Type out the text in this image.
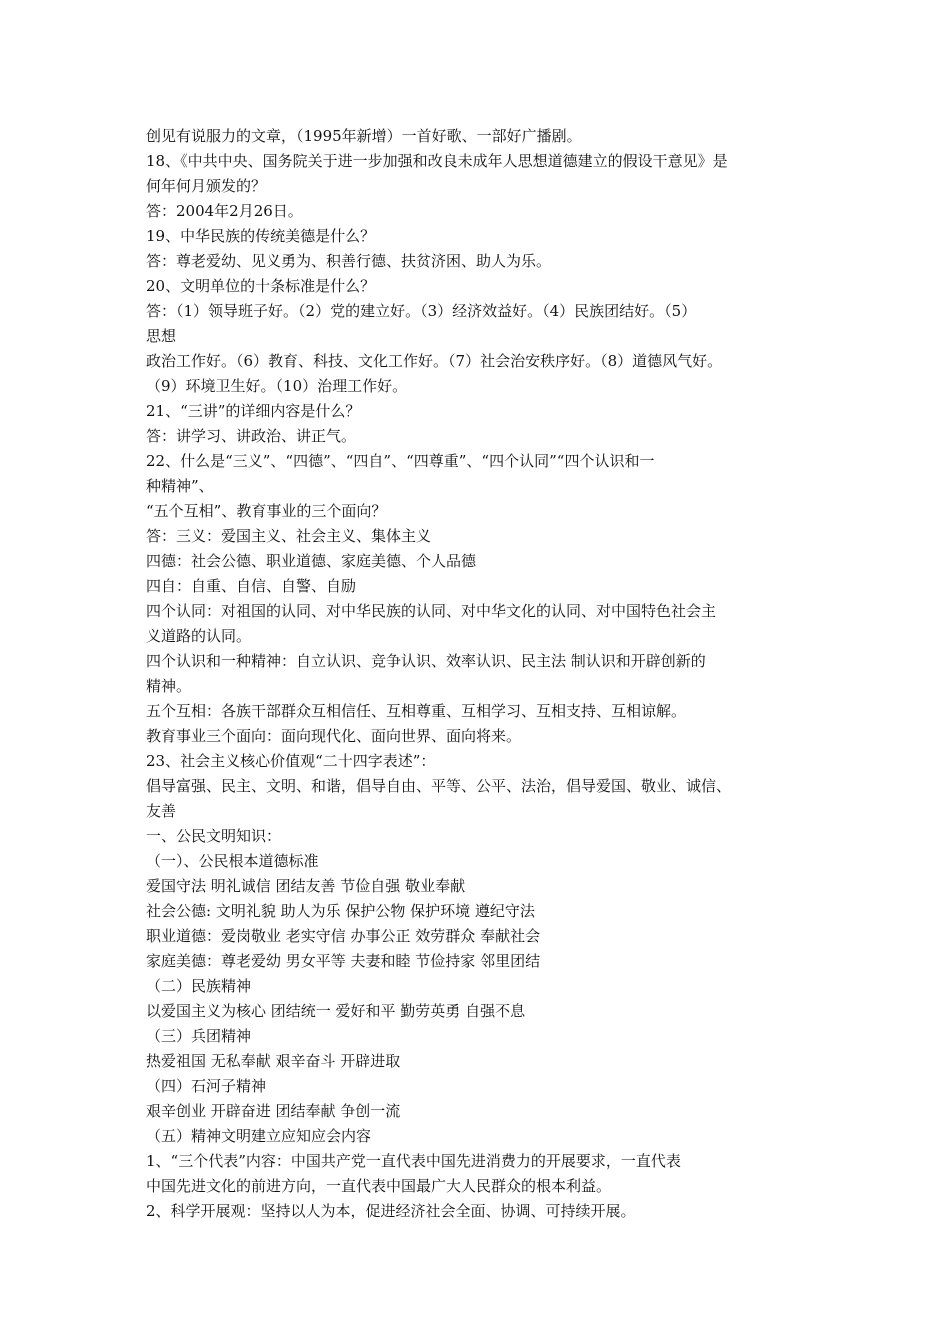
创见有说服力的文章，（1995年新增）一首好歌、一部好广播剧。
18、《中共中央、国务院关于进一步加强和改良未成年人思想道德建立的假设干意见》是
何年何月颁发的？
答：2004年2月26日。
19、中华民族的传统美德是什么？
答：尊老爱幼、见义勇为、积善行德、扶贫济困、助人为乐。
20、文明单位的十条标准是什么？
答：（1）领导班子好。（2）党的建立好。（3）经济效益好。（4）民族团结好。（5）
思想
政治工作好。（6）教育、科技、文化工作好。（7）社会治安秩序好。（8）道德风气好。
（9）环境卫生好。（10）治理工作好。
21、“三讲”的详细内容是什么？
答：讲学习、讲政治、讲正气。
22、什么是“三义”、“四德”、“四自”、“四尊重”、“四个认同”“四个认识和一
种精神”、
“五个互相”、教育事业的三个面向？
答：三义：爱国主义、社会主义、集体主义
四德：社会公德、职业道德、家庭美德、个人品德
四自：自重、自信、自警、自励
四个认同：对祖国的认同、对中华民族的认同、对中华文化的认同、对中国特色社会主
义道路的认同。
四个认识和一种精神：自立认识、竞争认识、效率认识、民主法 制认识和开辟创新的
精神。
五个互相：各族干部群众互相信任、互相尊重、互相学习、互相支持、互相谅解。
教育事业三个面向：面向现代化、面向世界、面向将来。
23、社会主义核心价值观“二十四字表述”：
倡导富强、民主、文明、和谐，倡导自由、平等、公平、法治，倡导爱国、敬业、诚信、
友善
一、公民文明知识：
（一）、公民根本道德标准
爱国守法 明礼诚信 团结友善 节俭自强 敬业奉献
社会公德: 文明礼貌 助人为乐 保护公物 保护环境 遵纪守法
职业道德：爱岗敬业 老实守信 办事公正 效劳群众 奉献社会
家庭美德：尊老爱幼 男女平等 夫妻和睦 节俭持家 邻里团结
（二）民族精神
以爱国主义为核心 团结统一 爱好和平 勤劳英勇 自强不息
（三）兵团精神
热爱祖国 无私奉献 艰辛奋斗 开辟进取
（四）石河子精神
艰辛创业 开辟奋进 团结奉献 争创一流
（五）精神文明建立应知应会内容
1、“三个代表”内容：中国共产党一直代表中国先进消费力的开展要求，一直代表
中国先进文化的前进方向，一直代表中国最广大人民群众的根本利益。
2、科学开展观：坚持以人为本，促进经济社会全面、协调、可持续开展。
